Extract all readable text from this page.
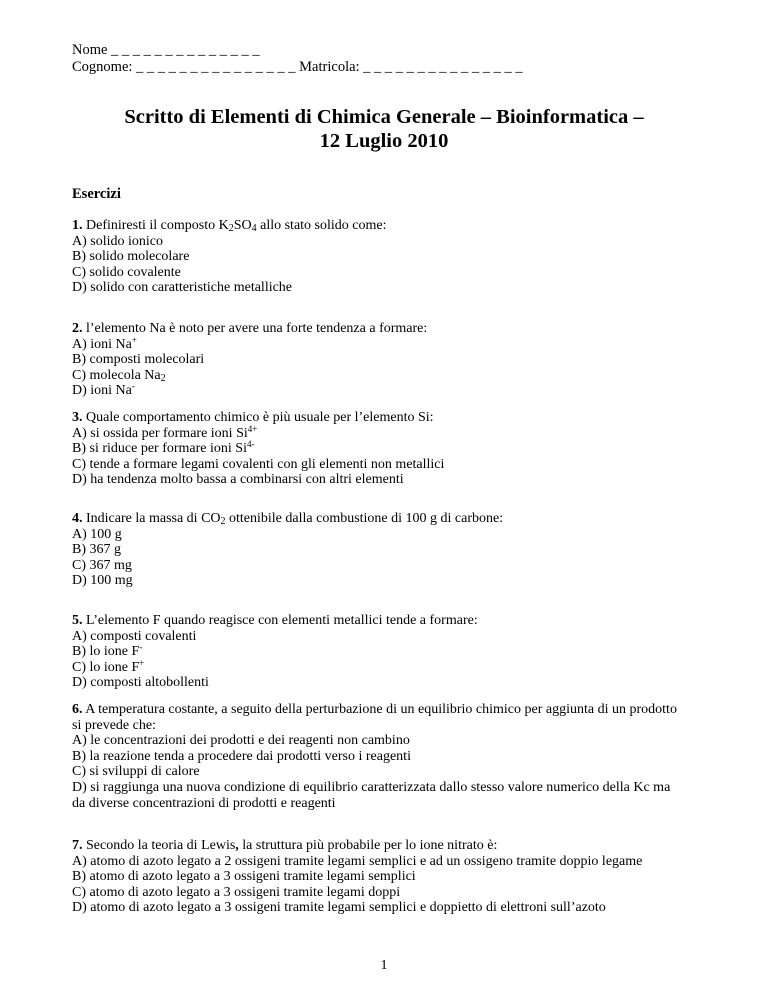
Nome _ _ _ _ _ _ _ _ _ _ _ _ _ _
Cognome: _ _ _ _ _ _ _ _ _ _ _ _ _ _ _ Matricola: _ _ _ _ _ _ _ _ _ _ _ _ _ _ _
Scritto di Elementi di Chimica Generale – Bioinformatica –
12 Luglio 2010
Esercizi
1. Definiresti il composto $K_2SO_4$ allo stato solido come:
A) solido ionico
B) solido molecolare
C) solido covalente
D) solido con caratteristiche metalliche
2. l’elemento Na è noto per avere una forte tendenza a formare:
A) ioni Na+
B) composti molecolari
C) molecola $Na_2$
D) ioni Na-
3. Quale comportamento chimico è più usuale per l’elemento Si:
A) si ossida per formare ioni $Si^{4+}$
B) si riduce per formare ioni $Si^{4-}$
C) tende a formare legami covalenti con gli elementi non metallici
D) ha tendenza molto bassa a combinarsi con altri elementi
4. Indicare la massa di $CO_2$ ottenibile dalla combustione di 100 g di carbone:
A) 100 g
B) 367 g
C) 367 mg
D) 100 mg
5. L’elemento F quando reagisce con elementi metallici tende a formare:
A) composti covalenti
B) lo ione F-
C) lo ione F+
D) composti altobollenti
6. A temperatura costante, a seguito della perturbazione di un equilibrio chimico per aggiunta di un prodotto
si prevede che:
A) le concentrazioni dei prodotti e dei reagenti non cambino
B) la reazione tenda a procedere dai prodotti verso i reagenti
C) si sviluppi di calore
D) si raggiunga una nuova condizione di equilibrio caratterizzata dallo stesso valore numerico della Kc ma
da diverse concentrazioni di prodotti e reagenti
7. Secondo la teoria di Lewis, la struttura più probabile per lo ione nitrato è:
A) atomo di azoto legato a 2 ossigeni tramite legami semplici e ad un ossigeno tramite doppio legame
B) atomo di azoto legato a 3 ossigeni tramite legami semplici
C) atomo di azoto legato a 3 ossigeni tramite legami doppi
D) atomo di azoto legato a 3 ossigeni tramite legami semplici e doppietto di elettroni sull’azoto
1
